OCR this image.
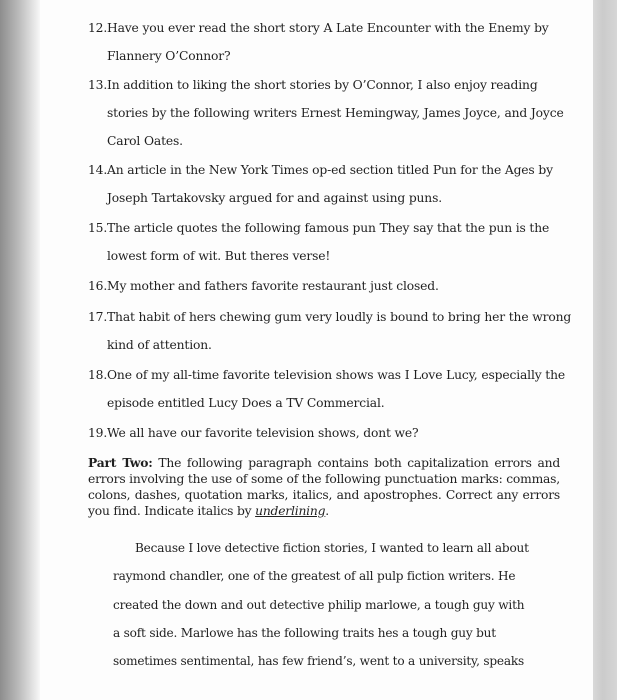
12.Have you ever read the short story A Late Encounter with the Enemy by
Flannery O’Connor?
13.In addition to liking the short stories by O’Connor, I also enjoy reading
stories by the following writers Ernest Hemingway, James Joyce, and Joyce
Carol Oates.
14.An article in the New York Times op-ed section titled Pun for the Ages by
Joseph Tartakovsky argued for and against using puns.
15.The article quotes the following famous pun They say that the pun is the
lowest form of wit. But theres verse!
16.My mother and fathers favorite restaurant just closed.
17.That habit of hers chewing gum very loudly is bound to bring her the wrong
kind of attention.
18.One of my all-time favorite television shows was I Love Lucy, especially the
episode entitled Lucy Does a TV Commercial.
19.We all have our favorite television shows, dont we?
Part Two: The following paragraph contains both capitalization errors and errors involving the use of some of the following punctuation marks: commas, colons, dashes, quotation marks, italics, and apostrophes. Correct any errors you find. Indicate italics by underlining.
Because I love detective fiction stories, I wanted to learn all about
raymond chandler, one of the greatest of all pulp fiction writers. He
created the down and out detective philip marlowe, a tough guy with
a soft side. Marlowe has the following traits hes a tough guy but
sometimes sentimental, has few friend’s, went to a university, speaks
